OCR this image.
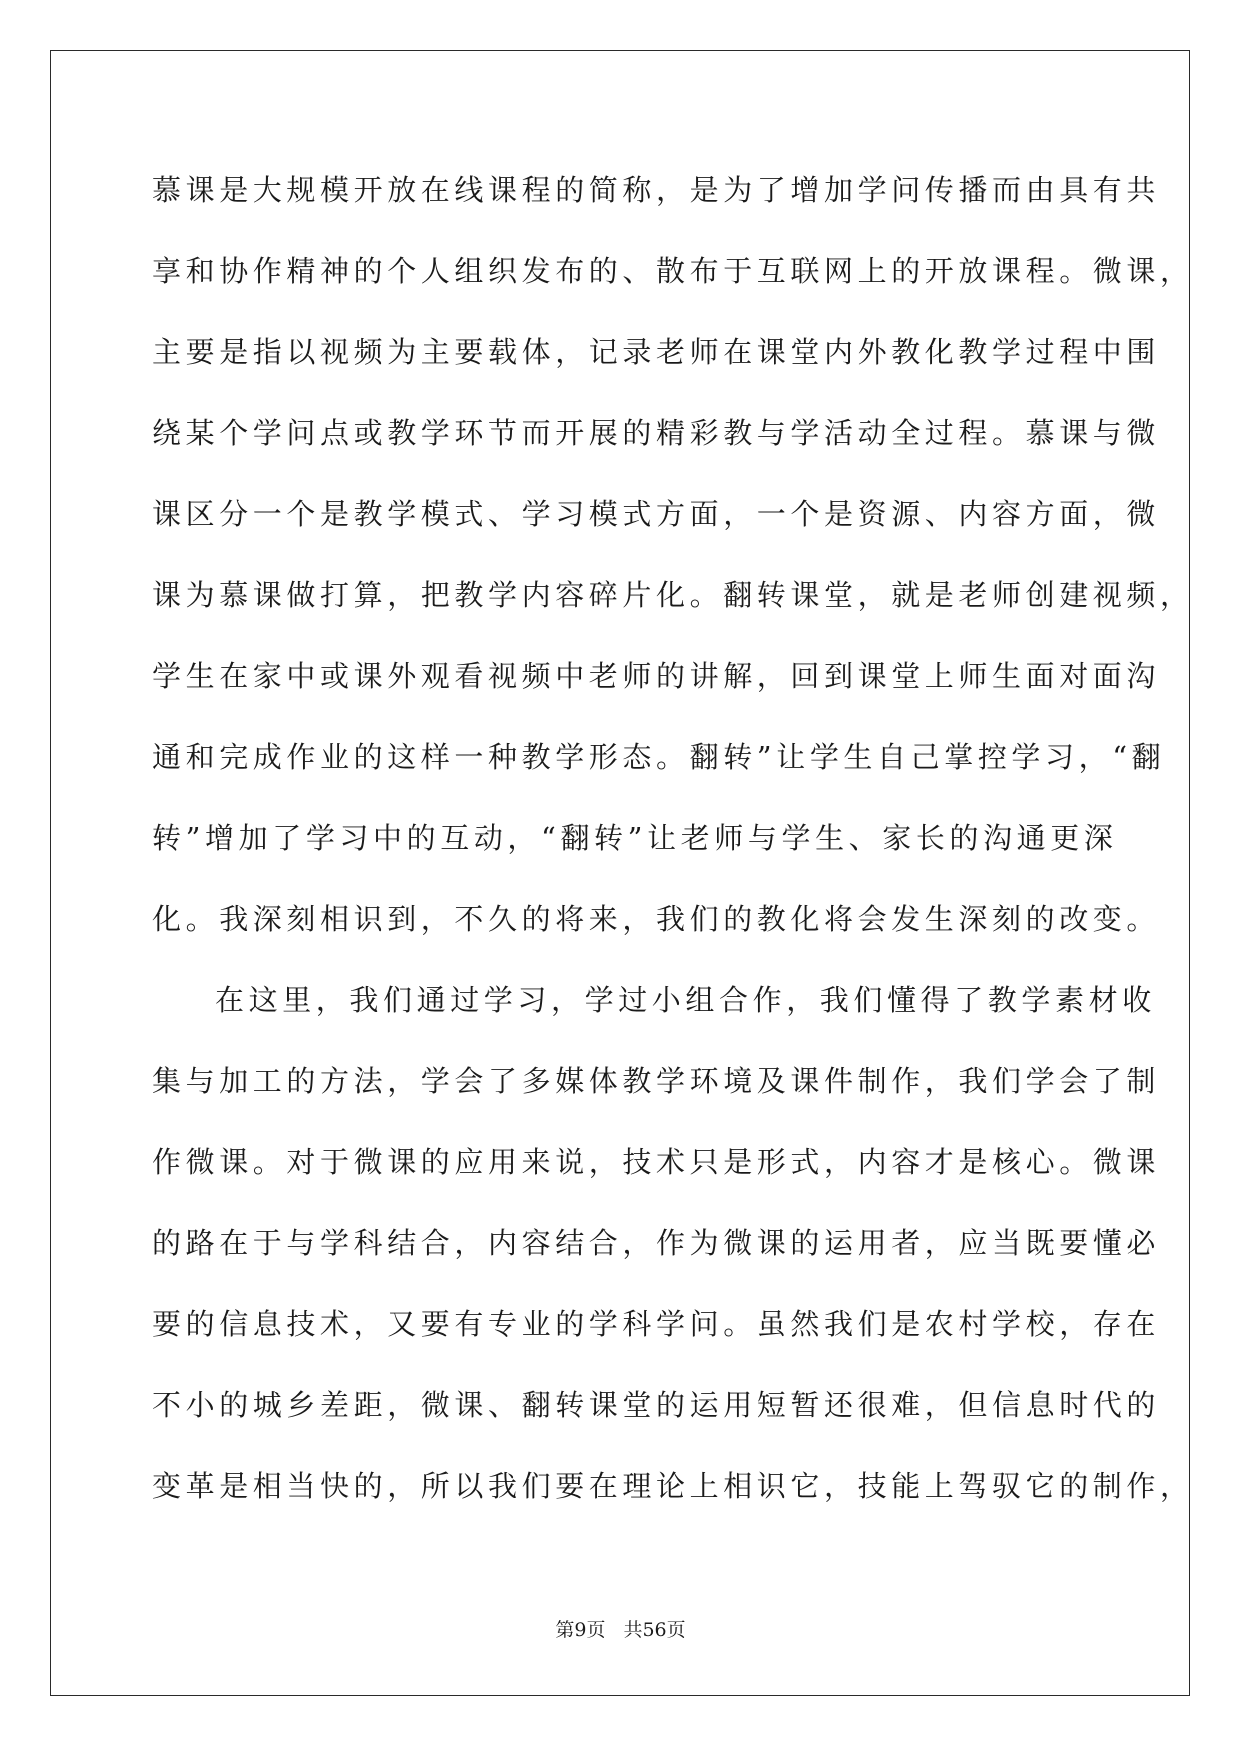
慕课是大规模开放在线课程的简称，是为了增加学问传播而由具有共
享和协作精神的个人组织发布的、散布于互联网上的开放课程。微课，
主要是指以视频为主要载体，记录老师在课堂内外教化教学过程中围
绕某个学问点或教学环节而开展的精彩教与学活动全过程。慕课与微
课区分一个是教学模式、学习模式方面，一个是资源、内容方面，微
课为慕课做打算，把教学内容碎片化。翻转课堂，就是老师创建视频，
学生在家中或课外观看视频中老师的讲解，回到课堂上师生面对面沟
通和完成作业的这样一种教学形态。翻转”让学生自己掌控学习，“翻
转”增加了学习中的互动，“翻转”让老师与学生、家长的沟通更深
化。我深刻相识到，不久的将来，我们的教化将会发生深刻的改变。
在这里，我们通过学习，学过小组合作，我们懂得了教学素材收
集与加工的方法，学会了多媒体教学环境及课件制作，我们学会了制
作微课。对于微课的应用来说，技术只是形式，内容才是核心。微课
的路在于与学科结合，内容结合，作为微课的运用者，应当既要懂必
要的信息技术，又要有专业的学科学问。虽然我们是农村学校，存在
不小的城乡差距，微课、翻转课堂的运用短暂还很难，但信息时代的
变革是相当快的，所以我们要在理论上相识它，技能上驾驭它的制作，
第9页 共56页
